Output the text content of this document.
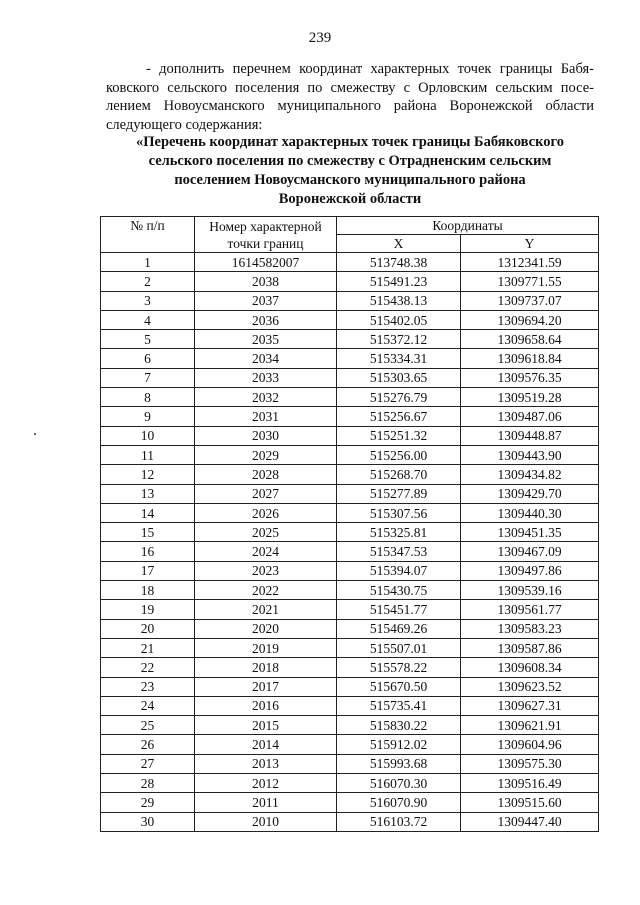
239
- дополнить перечнем координат характерных точек границы Бабя- ковского сельского поселения по смежеству с Орловским сельским посе- лением Новоусманского муниципального района Воронежской области следующего содержания:
«Перечень координат характерных точек границы Бабяковского
сельского поселения по смежеству с Отрадненским сельским
поселением Новоусманского муниципального района
Воронежской области
№ п/п	Номер характерной точки границ	Координаты	
		X	Y
1	1614582007	513748.38	1312341.59
2	2038	515491.23	1309771.55
3	2037	515438.13	1309737.07
4	2036	515402.05	1309694.20
5	2035	515372.12	1309658.64
6	2034	515334.31	1309618.84
7	2033	515303.65	1309576.35
8	2032	515276.79	1309519.28
9	2031	515256.67	1309487.06
10	2030	515251.32	1309448.87
11	2029	515256.00	1309443.90
12	2028	515268.70	1309434.82
13	2027	515277.89	1309429.70
14	2026	515307.56	1309440.30
15	2025	515325.81	1309451.35
16	2024	515347.53	1309467.09
17	2023	515394.07	1309497.86
18	2022	515430.75	1309539.16
19	2021	515451.77	1309561.77
20	2020	515469.26	1309583.23
21	2019	515507.01	1309587.86
22	2018	515578.22	1309608.34
23	2017	515670.50	1309623.52
24	2016	515735.41	1309627.31
25	2015	515830.22	1309621.91
26	2014	515912.02	1309604.96
27	2013	515993.68	1309575.30
28	2012	516070.30	1309516.49
29	2011	516070.90	1309515.60
30	2010	516103.72	1309447.40
